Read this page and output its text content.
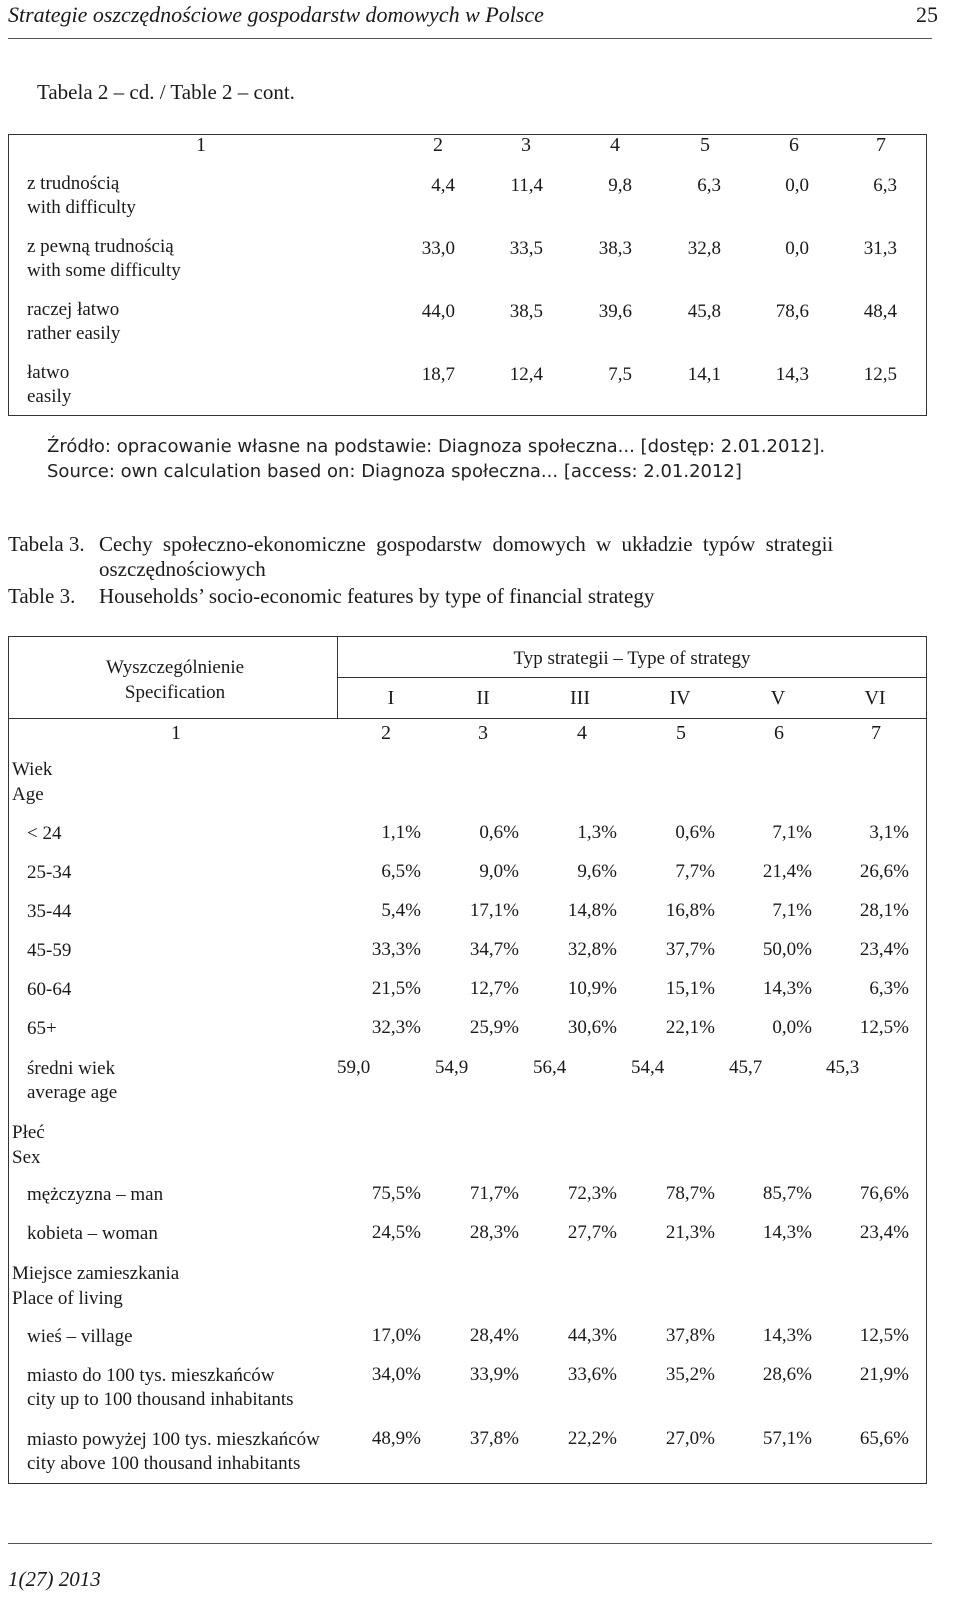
Strategie oszczędnościowe gospodarstw domowych w Polsce	25
Tabela 2 – cd. / Table 2 – cont.
1	2	3	4	5	6	7
z trudnością
with difficulty
4,4	11,4	9,8	6,3	0,0	6,3
z pewną trudnością
with some difficulty
33,0	33,5	38,3	32,8	0,0	31,3
raczej łatwo
rather easily
44,0	38,5	39,6	45,8	78,6	48,4
łatwo
easily
18,7	12,4	7,5	14,1	14,3	12,5
Źródło: opracowanie własne na podstawie: Diagnoza społeczna... [dostęp: 2.01.2012].
Source: own calculation based on: Diagnoza społeczna... [access: 2.01.2012]
Tabela 3. Cechy społeczno-ekonomiczne gospodarstw domowych w układzie typów strategii
oszczędnościowych
Table 3. Households’ socio-economic features by type of financial strategy
Wyszczególnienie
Specification
Typ strategii – Type of strategy
I	II	III	IV	V	VI
1	2	3	4	5	6	7
Wiek
Age
< 24	1,1%	0,6%	1,3%	0,6%	7,1%	3,1%
25-34	6,5%	9,0%	9,6%	7,7%	21,4%	26,6%
35-44	5,4%	17,1%	14,8%	16,8%	7,1%	28,1%
45-59	33,3%	34,7%	32,8%	37,7%	50,0%	23,4%
60-64	21,5%	12,7%	10,9%	15,1%	14,3%	6,3%
65+	32,3%	25,9%	30,6%	22,1%	0,0%	12,5%
średni wiek
average age
59,0	54,9	56,4	54,4	45,7	45,3
Płeć
Sex
mężczyzna – man	75,5%	71,7%	72,3%	78,7%	85,7%	76,6%
kobieta – woman	24,5%	28,3%	27,7%	21,3%	14,3%	23,4%
Miejsce zamieszkania
Place of living
wieś – village	17,0%	28,4%	44,3%	37,8%	14,3%	12,5%
miasto do 100 tys. mieszkańców
city up to 100 thousand inhabitants
34,0%	33,9%	33,6%	35,2%	28,6%	21,9%
miasto powyżej 100 tys. mieszkańców
city above 100 thousand inhabitants
48,9%	37,8%	22,2%	27,0%	57,1%	65,6%
1(27) 2013
